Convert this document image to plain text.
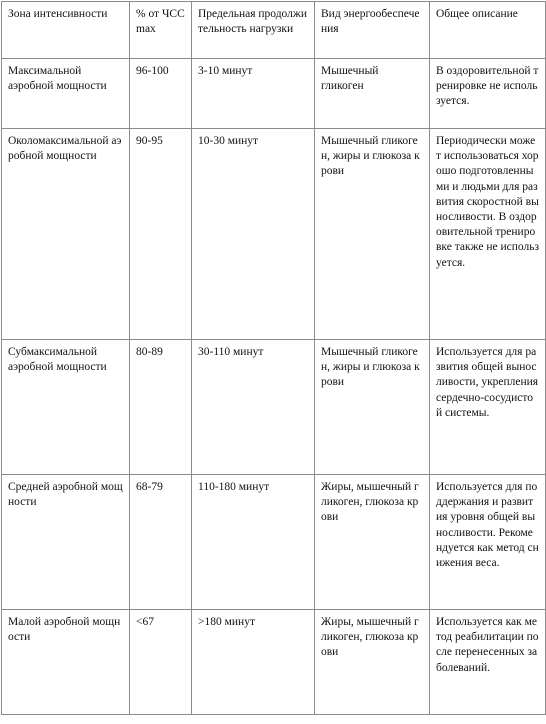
Зона интенсивности	% от ЧССmax	Предельная продолжительность нагрузки	Вид энергообеспечения	Общее описание
Максимальной аэробной мощности	96-100	3-10 минут	Мышечный гликоген	В оздоровительной тренировке не используется.
Околомаксимальной аэробной мощности	90-95	10-30 минут	Мышечный гликоген, жиры и глюкоза крови	Периодически может использоваться хорошо подготовленными и людьми для развития скоростной выносливости. В оздоровительной тренировке также не используется.
Субмаксимальной аэробной мощности	80-89	30-110 минут	Мышечный гликоген, жиры и глюкоза крови	Используется для развития общей выносливости, укрепления сердечно-сосудистой системы.
Средней аэробной мощности	68-79	110-180 минут	Жиры, мышечный гликоген, глюкоза крови	Используется для поддержания и развития уровня общей выносливости. Рекомендуется как метод снижения веса.
Малой аэробной мощности	<67	>180 минут	Жиры, мышечный гликоген, глюкоза крови	Используется как метод реабилитации после перенесенных заболеваний.
